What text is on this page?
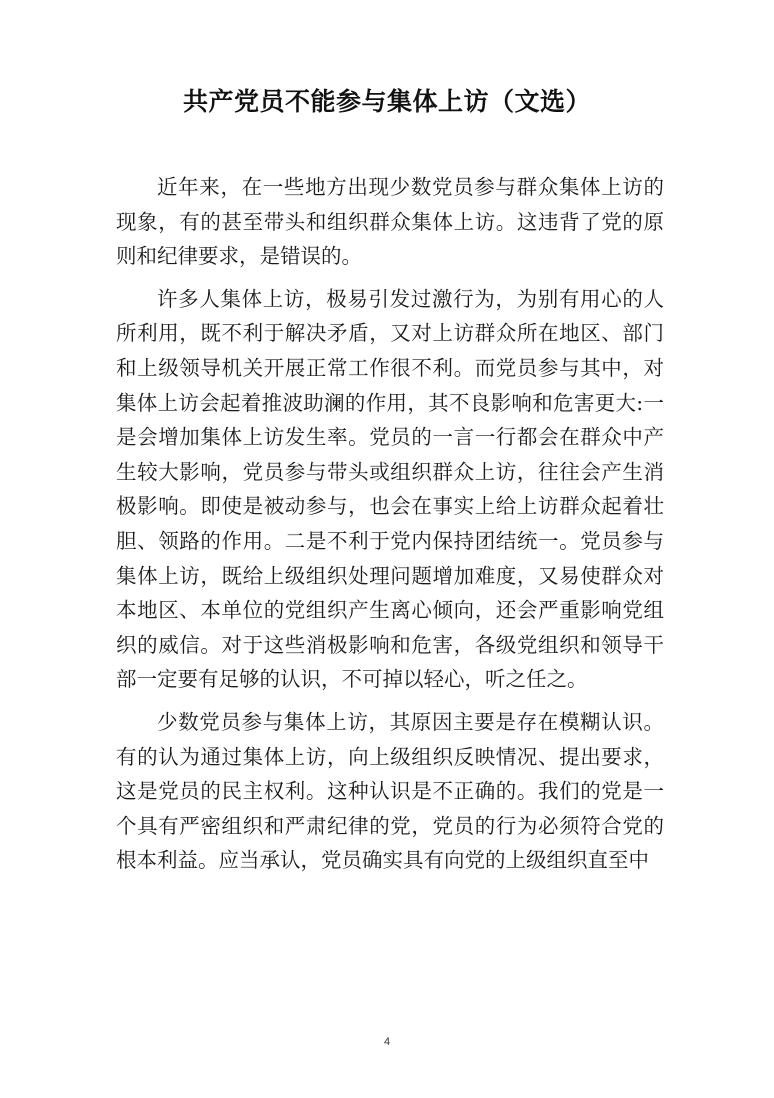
共产党员不能参与集体上访（文选）

近年来，在一些地方出现少数党员参与群众集体上访的现象，有的甚至带头和组织群众集体上访。这违背了党的原则和纪律要求，是错误的。

许多人集体上访，极易引发过激行为，为别有用心的人所利用，既不利于解决矛盾，又对上访群众所在地区、部门和上级领导机关开展正常工作很不利。而党员参与其中，对集体上访会起着推波助澜的作用，其不良影响和危害更大:一是会增加集体上访发生率。党员的一言一行都会在群众中产生较大影响，党员参与带头或组织群众上访，往往会产生消极影响。即使是被动参与，也会在事实上给上访群众起着壮胆、领路的作用。二是不利于党内保持团结统一。党员参与集体上访，既给上级组织处理问题增加难度，又易使群众对本地区、本单位的党组织产生离心倾向，还会严重影响党组织的威信。对于这些消极影响和危害，各级党组织和领导干部一定要有足够的认识，不可掉以轻心，听之任之。

少数党员参与集体上访，其原因主要是存在模糊认识。有的认为通过集体上访，向上级组织反映情况、提出要求，这是党员的民主权利。这种认识是不正确的。我们的党是一个具有严密组织和严肃纪律的党，党员的行为必须符合党的根本利益。应当承认，党员确实具有向党的上级组织直至中

4
